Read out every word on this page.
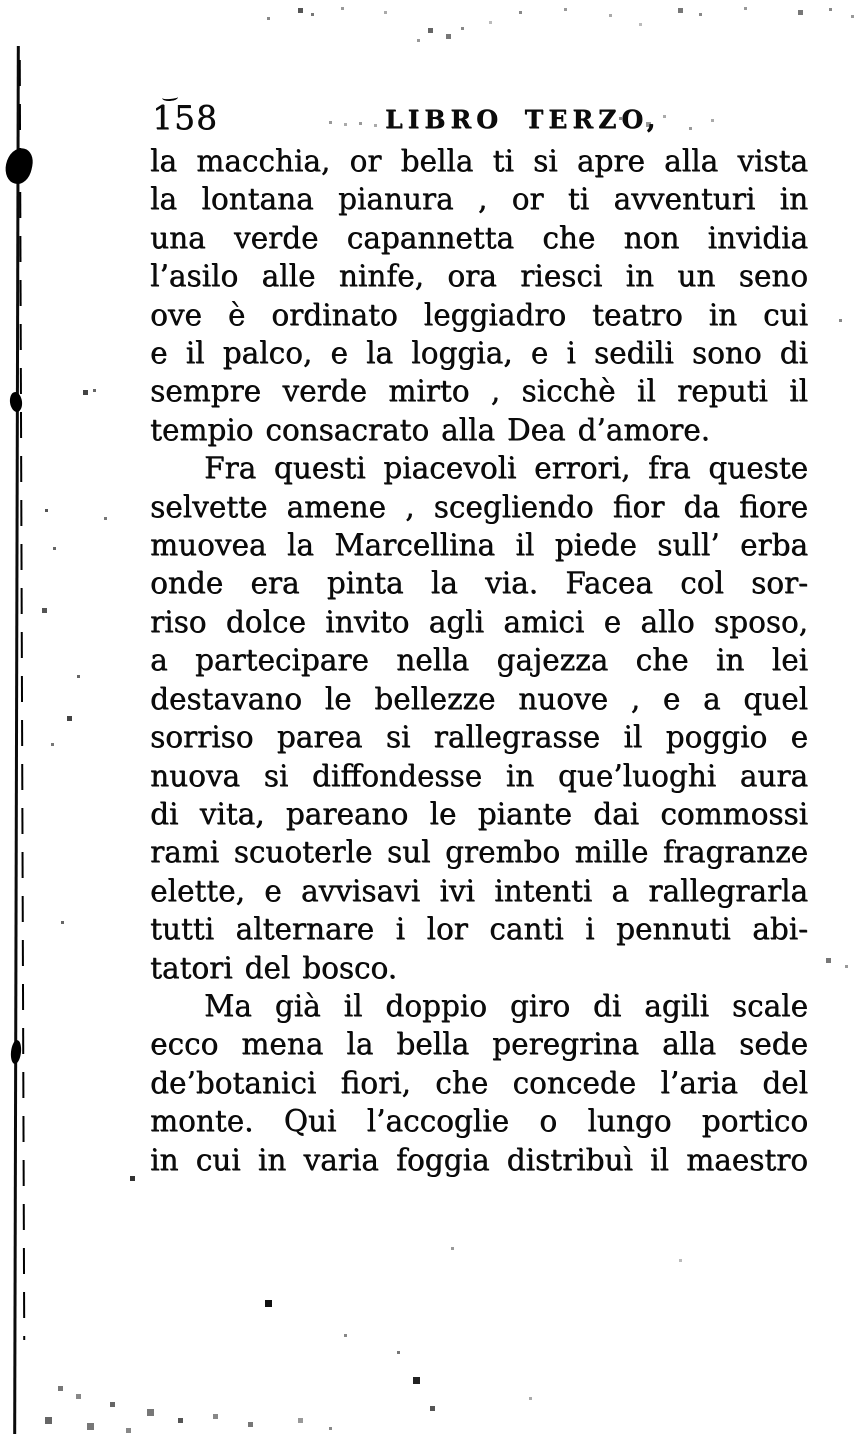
158	LIBRO TERZO,
la macchia, or bella ti si apre alla vista
la lontana pianura , or ti avventuri in
una verde capannetta che non invidia
l’asilo alle ninfe, ora riesci in un seno
ove è ordinato leggiadro teatro in cui
e il palco, e la loggia, e i sedili sono di
sempre verde mirto , sicchè il reputi il
tempio consacrato alla Dea d’amore.
Fra questi piacevoli errori, fra queste
selvette amene , scegliendo fior da fiore
muovea la Marcellina il piede sull’ erba
onde era pinta la via. Facea col sor-
riso dolce invito agli amici e allo sposo,
a partecipare nella gajezza che in lei
destavano le bellezze nuove , e a quel
sorriso parea si rallegrasse il poggio e
nuova si diffondesse in que’luoghi aura
di vita, pareano le piante dai commossi
rami scuoterle sul grembo mille fragranze
elette, e avvisavi ivi intenti a rallegrarla
tutti alternare i lor canti i pennuti abi-
tatori del bosco.
Ma già il doppio giro di agili scale
ecco mena la bella peregrina alla sede
de’botanici fiori, che concede l’aria del
monte. Qui l’accoglie o lungo portico
in cui in varia foggia distribuì il maestro
